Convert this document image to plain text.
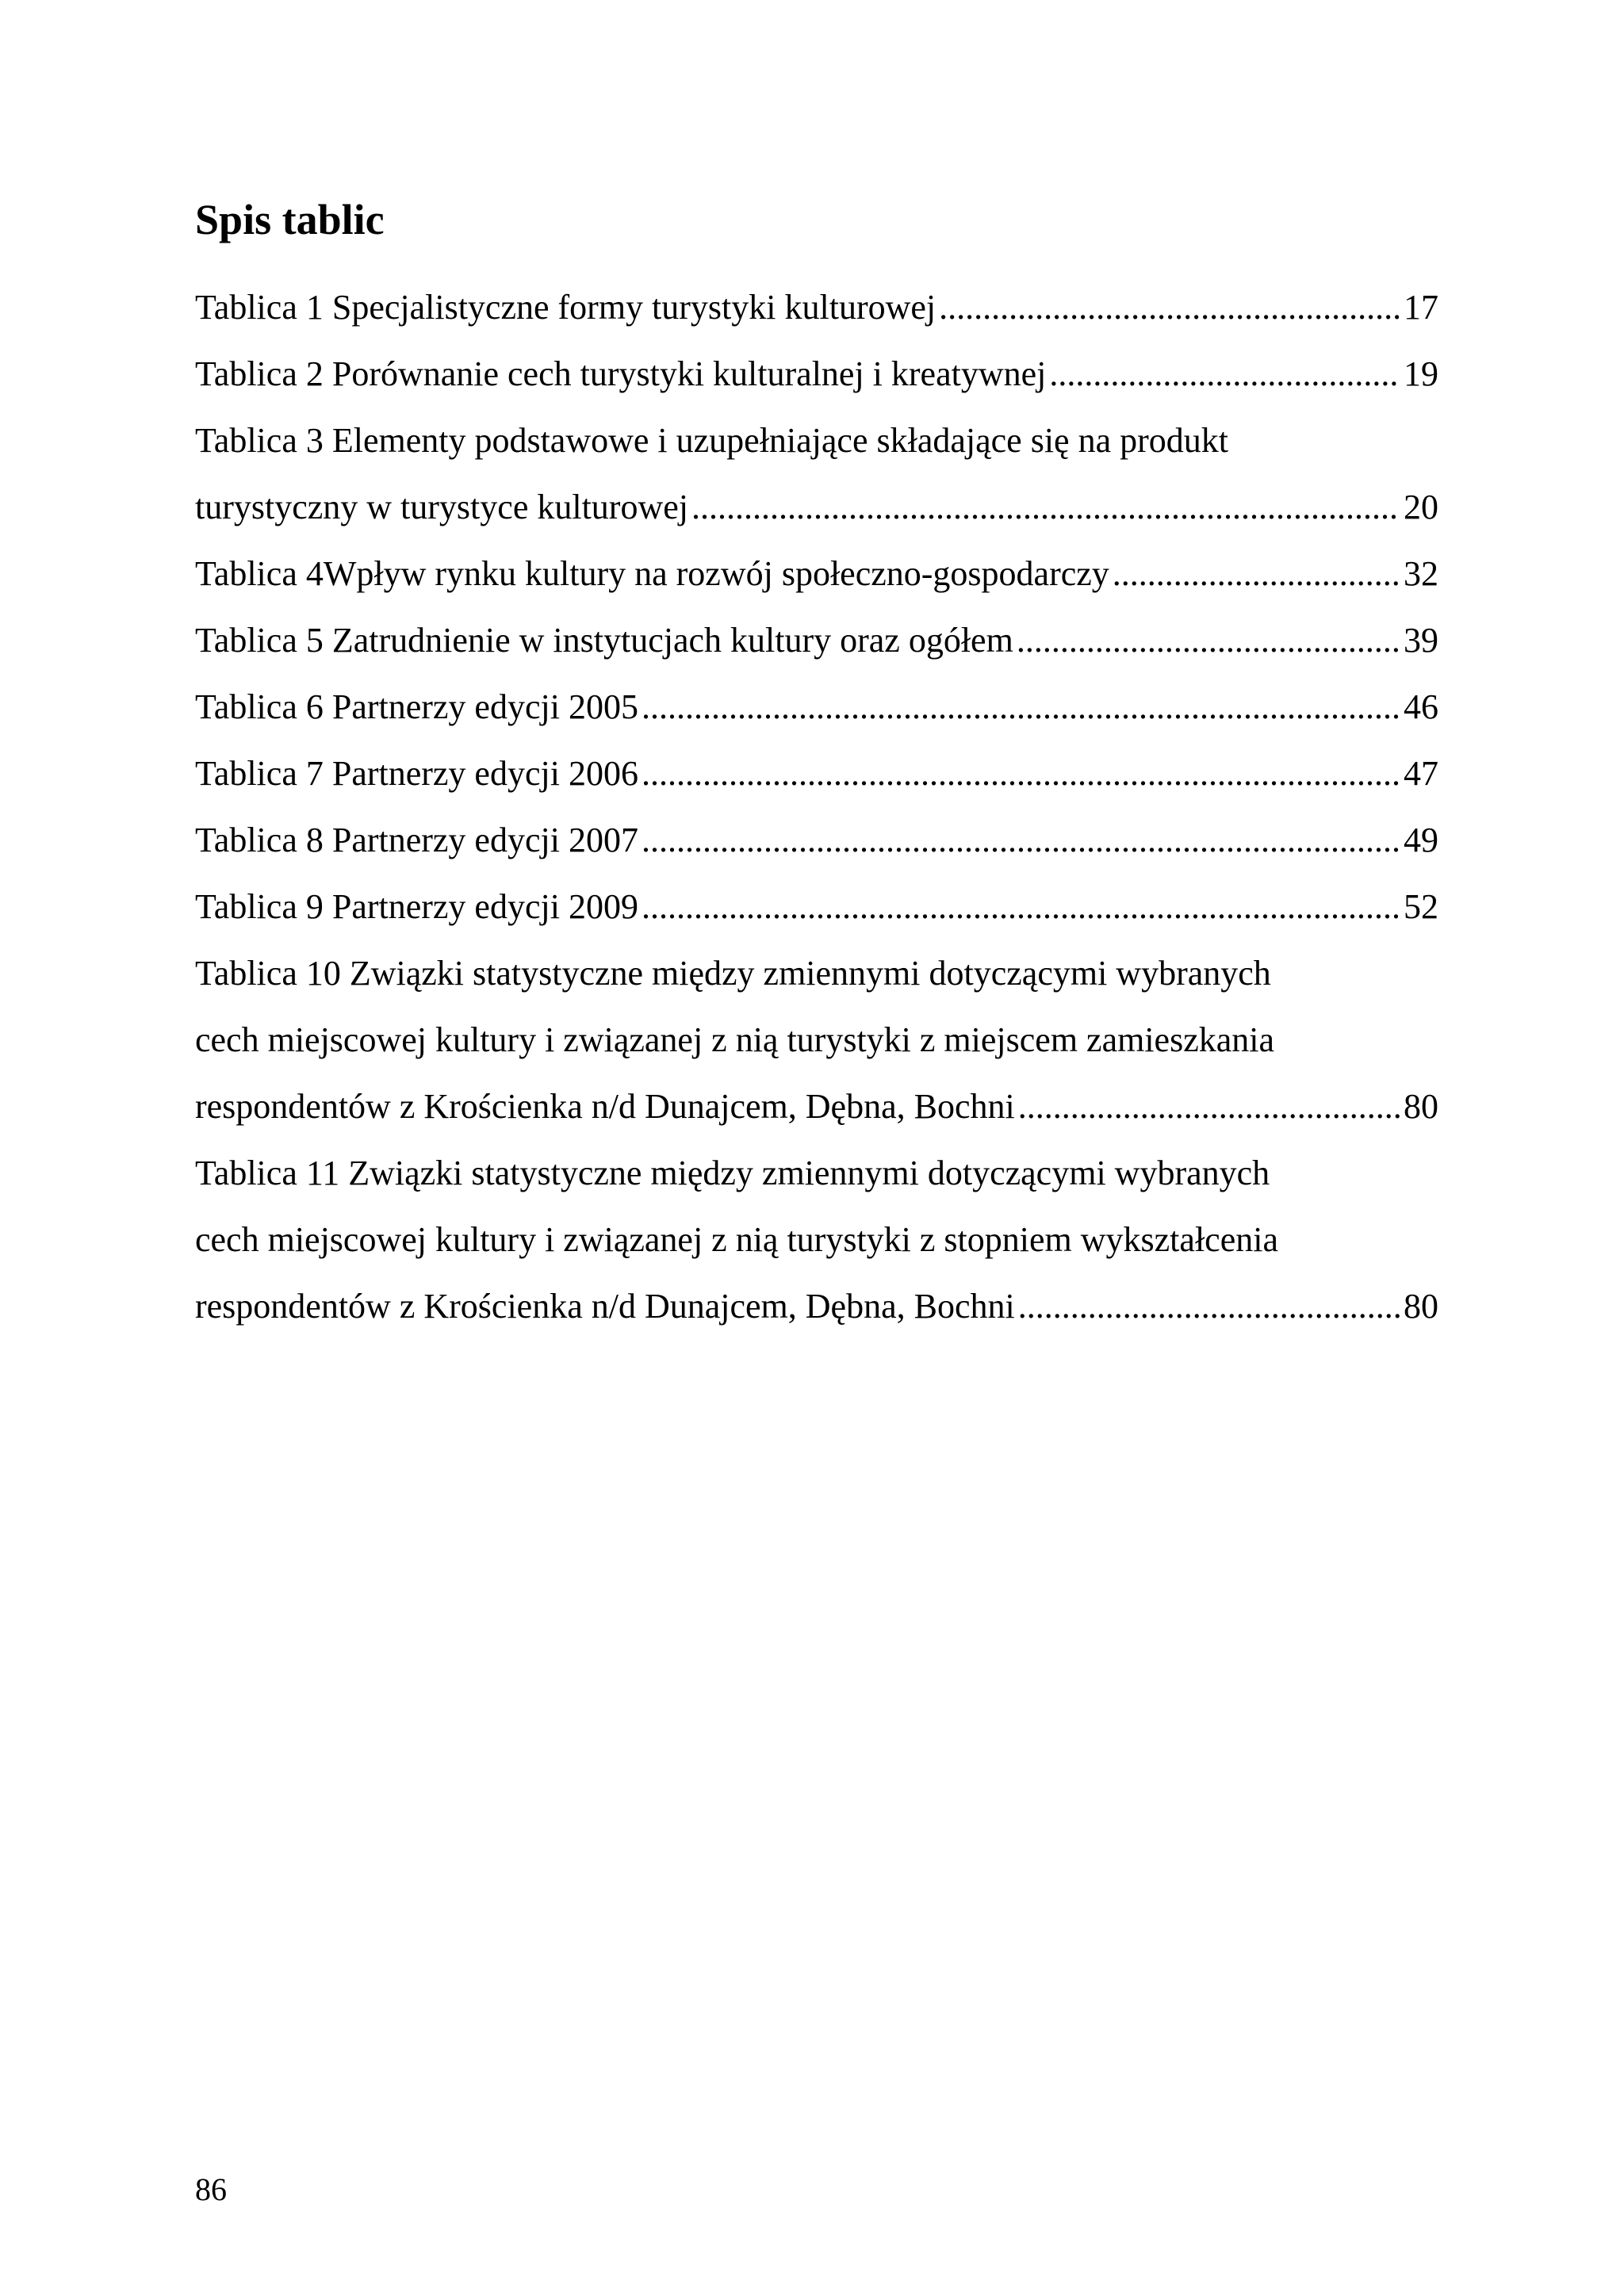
Spis tablic
Tablica 1 Specjalistyczne formy turystyki kulturowej .....	17
Tablica 2 Porównanie cech turystyki kulturalnej i kreatywnej .....	19
Tablica 3 Elementy podstawowe i uzupełniające składające się na produkt
turystyczny w turystyce kulturowej .....	20
Tablica 4Wpływ rynku kultury na rozwój społeczno-gospodarczy .....	32
Tablica 5 Zatrudnienie w instytucjach kultury oraz ogółem .....	39
Tablica 6 Partnerzy edycji 2005 .....	46
Tablica 7 Partnerzy edycji 2006 .....	47
Tablica 8 Partnerzy edycji 2007 .....	49
Tablica 9 Partnerzy edycji 2009 .....	52
Tablica 10 Związki statystyczne między zmiennymi dotyczącymi wybranych
cech miejscowej kultury i związanej z nią turystyki z miejscem zamieszkania
respondentów z Krościenka n/d Dunajcem, Dębna, Bochni .....	80
Tablica 11 Związki statystyczne między zmiennymi dotyczącymi wybranych
cech miejscowej kultury i związanej z nią turystyki z stopniem wykształcenia
respondentów z Krościenka n/d Dunajcem, Dębna, Bochni .....	80
86
